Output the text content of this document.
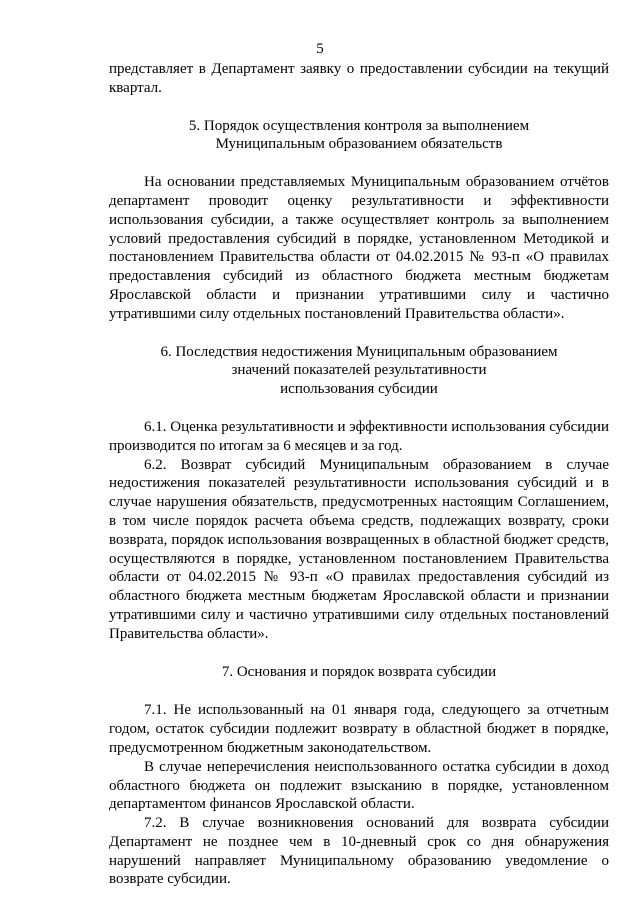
5

представляет в Департамент заявку о предоставлении субсидии на текущий квартал.

5. Порядок осуществления контроля за выполнением

Муниципальным образованием обязательств

На основании представляемых Муниципальным образованием отчётов департамент проводит оценку результативности и эффективности использования субсидии, а также осуществляет контроль за выполнением условий предоставления субсидий в порядке, установленном Методикой и постановлением Правительства области от 04.02.2015 № 93-п «О правилах предоставления субсидий из областного бюджета местным бюджетам Ярославской области и признании утратившими силу и частично утратившими силу отдельных постановлений Правительства области».

6. Последствия недостижения Муниципальным образованием

значений показателей результативности

использования субсидии

6.1. Оценка результативности и эффективности использования субсидии производится по итогам за 6 месяцев и за год.

6.2. Возврат субсидий Муниципальным образованием в случае недостижения показателей результативности использования субсидий и в случае нарушения обязательств, предусмотренных настоящим Соглашением, в том числе порядок расчета объема средств, подлежащих возврату, сроки возврата, порядок использования возвращенных в областной бюджет средств, осуществляются в порядке, установленном постановлением Правительства области от 04.02.2015 № 93-п «О правилах предоставления субсидий из областного бюджета местным бюджетам Ярославской области и признании утратившими силу и частично утратившими силу отдельных постановлений Правительства области».

7. Основания и порядок возврата субсидии

7.1. Не использованный на 01 января года, следующего за отчетным годом, остаток субсидии подлежит возврату в областной бюджет в порядке, предусмотренном бюджетным законодательством.

В случае неперечисления неиспользованного остатка субсидии в доход областного бюджета он подлежит взысканию в порядке, установленном департаментом финансов Ярославской области.

7.2. В случае возникновения оснований для возврата субсидии Департамент не позднее чем в 10-дневный срок со дня обнаружения нарушений направляет Муниципальному образованию уведомление о возврате субсидии.
